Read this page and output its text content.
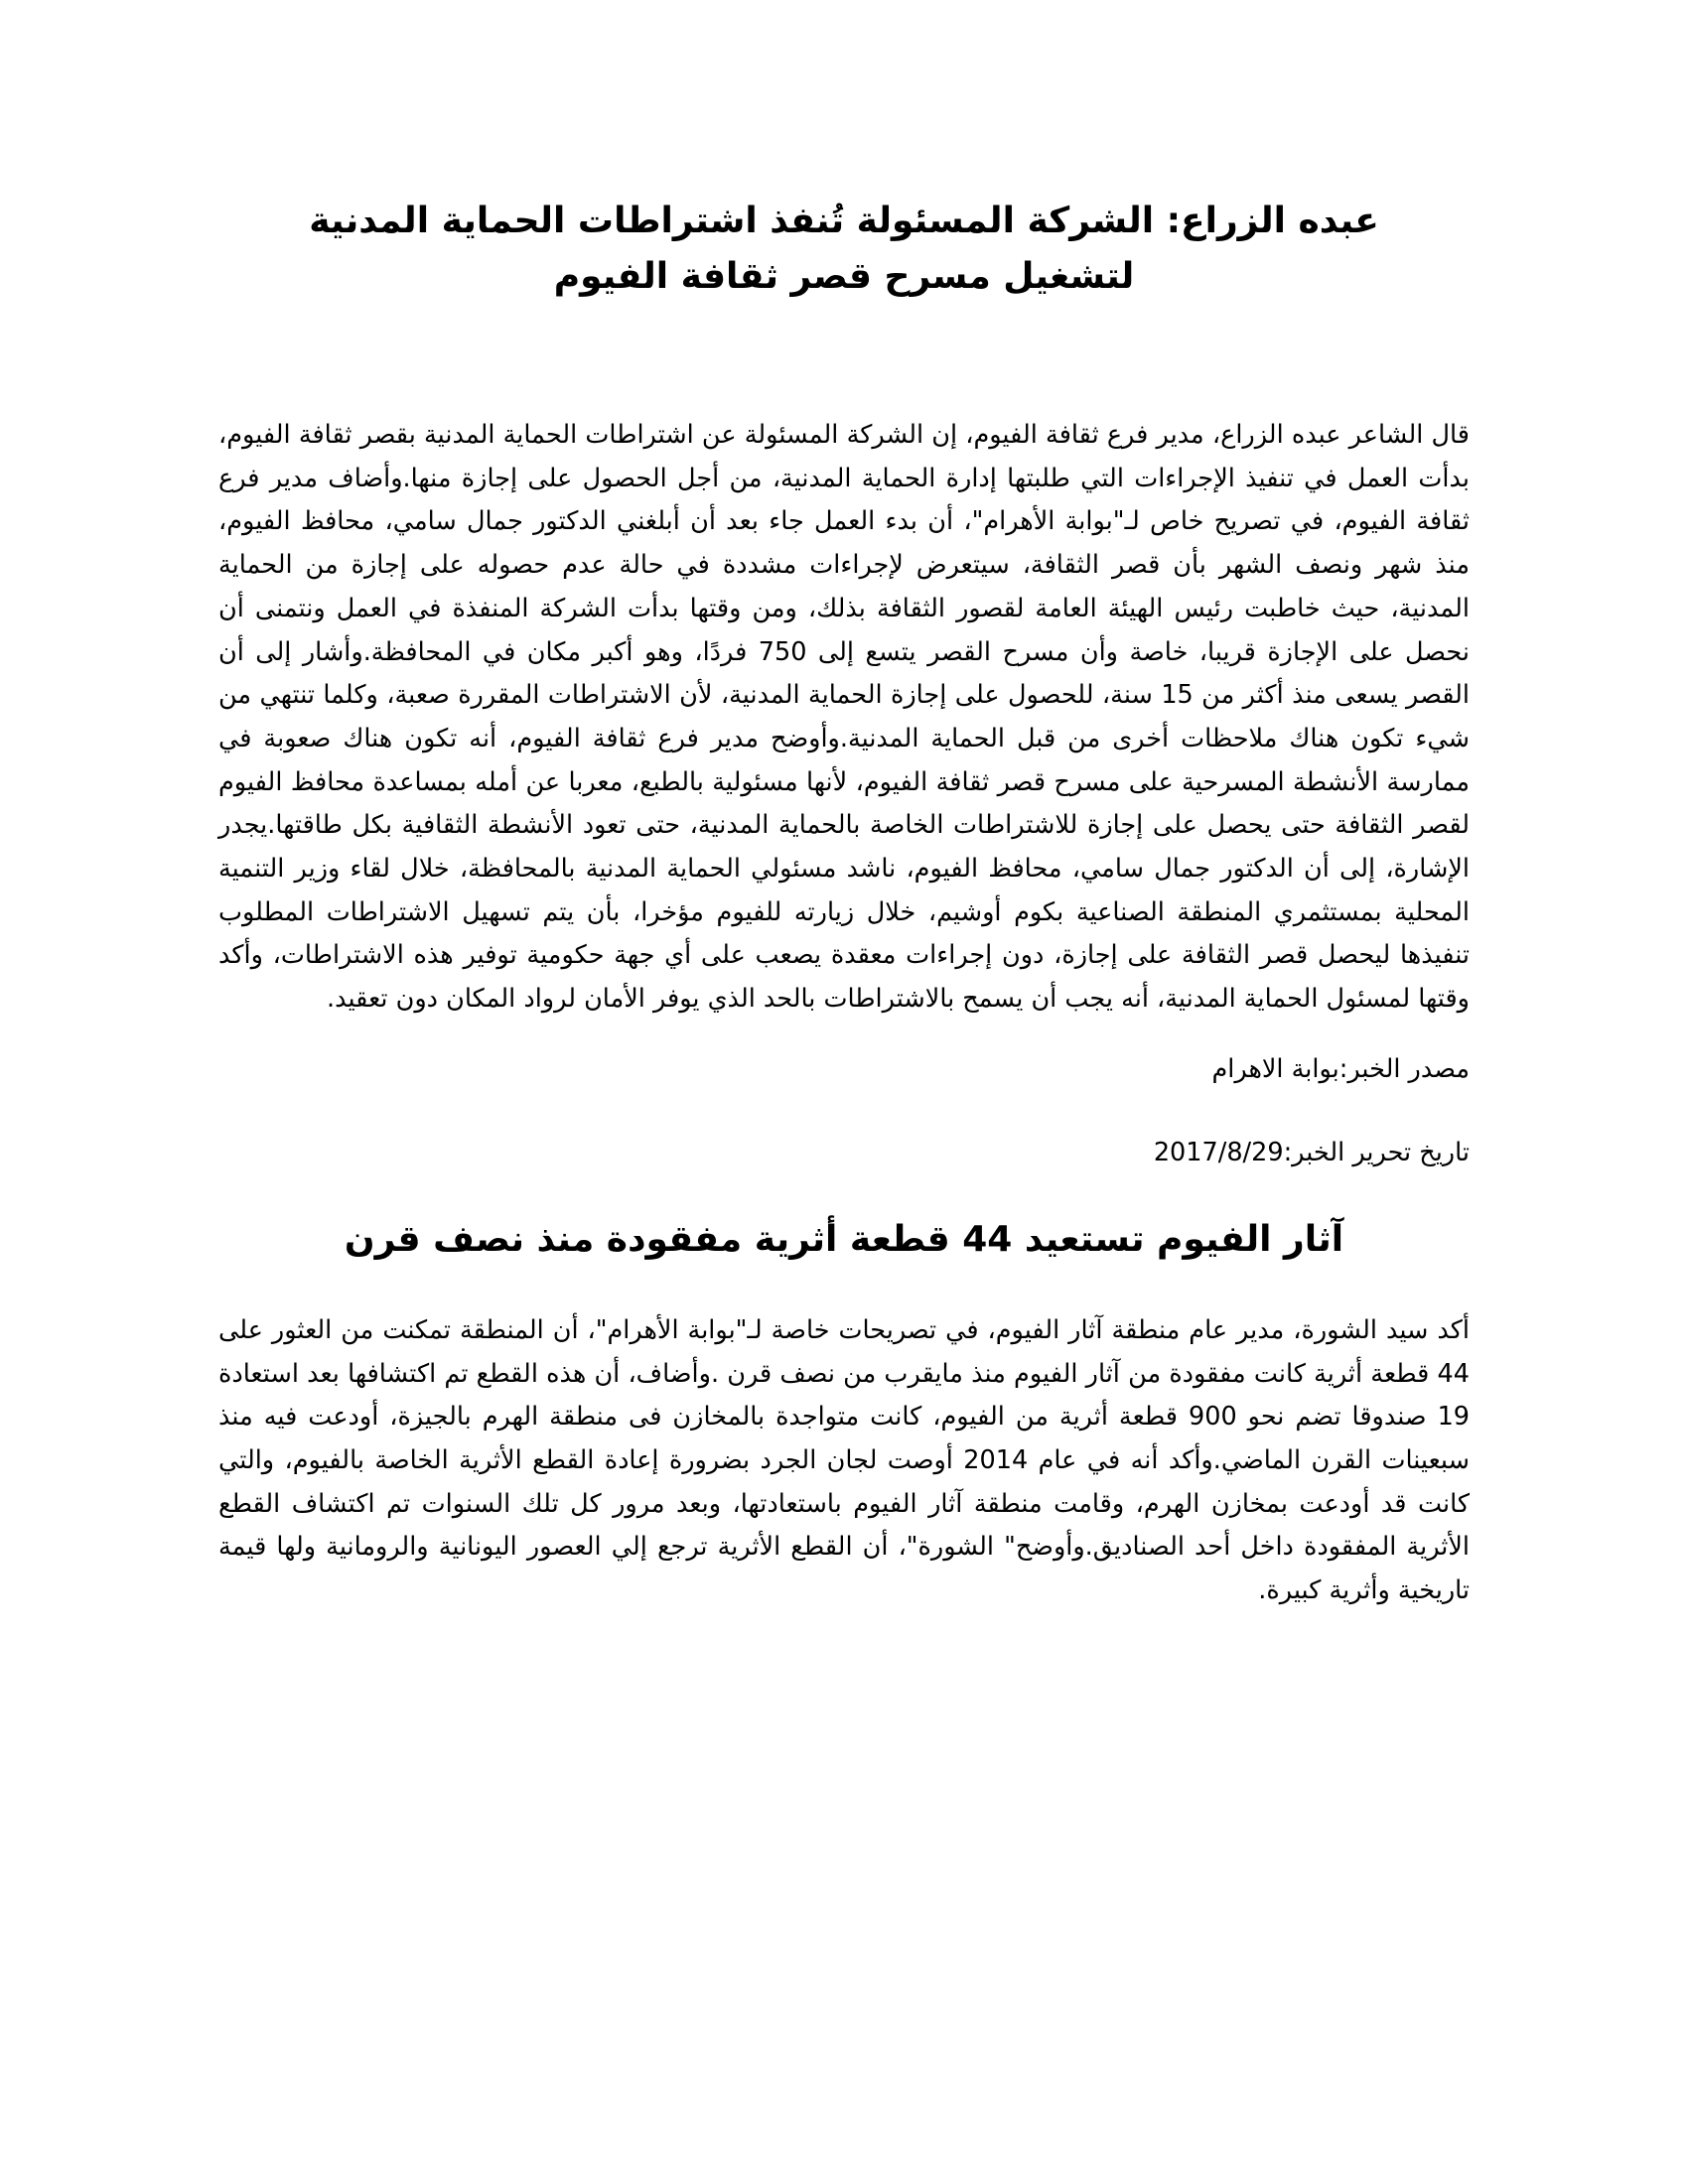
عبده الزراع: الشركة المسئولة تُنفذ اشتراطات الحماية المدنية لتشغيل مسرح قصر ثقافة الفيوم

قال الشاعر عبده الزراع، مدير فرع ثقافة الفيوم، إن الشركة المسئولة عن اشتراطات الحماية المدنية بقصر ثقافة الفيوم، بدأت العمل في تنفيذ الإجراءات التي طلبتها إدارة الحماية المدنية، من أجل الحصول على إجازة منها.وأضاف مدير فرع ثقافة الفيوم، في تصريح خاص لـ"بوابة الأهرام"، أن بدء العمل جاء بعد أن أبلغني الدكتور جمال سامي، محافظ الفيوم، منذ شهر ونصف الشهر بأن قصر الثقافة، سيتعرض لإجراءات مشددة في حالة عدم حصوله على إجازة من الحماية المدنية، حيث خاطبت رئيس الهيئة العامة لقصور الثقافة بذلك، ومن وقتها بدأت الشركة المنفذة في العمل ونتمنى أن نحصل على الإجازة قريبا، خاصة وأن مسرح القصر يتسع إلى 750 فردًا، وهو أكبر مكان في المحافظة.وأشار إلى أن القصر يسعى منذ أكثر من 15 سنة، للحصول على إجازة الحماية المدنية، لأن الاشتراطات المقررة صعبة، وكلما تنتهي من شيء تكون هناك ملاحظات أخرى من قبل الحماية المدنية.وأوضح مدير فرع ثقافة الفيوم، أنه تكون هناك صعوبة في ممارسة الأنشطة المسرحية على مسرح قصر ثقافة الفيوم، لأنها مسئولية بالطبع، معربا عن أمله بمساعدة محافظ الفيوم لقصر الثقافة حتى يحصل على إجازة للاشتراطات الخاصة بالحماية المدنية، حتى تعود الأنشطة الثقافية بكل طاقتها.يجدر الإشارة، إلى أن الدكتور جمال سامي، محافظ الفيوم، ناشد مسئولي الحماية المدنية بالمحافظة، خلال لقاء وزير التنمية المحلية بمستثمري المنطقة الصناعية بكوم أوشيم، خلال زيارته للفيوم مؤخرا، بأن يتم تسهيل الاشتراطات المطلوب تنفيذها ليحصل قصر الثقافة على إجازة، دون إجراءات معقدة يصعب على أي جهة حكومية توفير هذه الاشتراطات، وأكد وقتها لمسئول الحماية المدنية، أنه يجب أن يسمح بالاشتراطات بالحد الذي يوفر الأمان لرواد المكان دون تعقيد.

مصدر الخبر:بوابة الاهرام

تاريخ تحرير الخبر:2017/8/29

آثار الفيوم تستعيد 44 قطعة أثرية مفقودة منذ نصف قرن

أكد سيد الشورة، مدير عام منطقة آثار الفيوم، في تصريحات خاصة لـ"بوابة الأهرام"، أن المنطقة تمكنت من العثور على 44 قطعة أثرية كانت مفقودة من آثار الفيوم منذ مايقرب من نصف قرن .وأضاف، أن هذه القطع تم اكتشافها بعد استعادة 19 صندوقا تضم نحو 900 قطعة أثرية من الفيوم، كانت متواجدة بالمخازن فى منطقة الهرم بالجيزة، أودعت فيه منذ سبعينات القرن الماضي.وأكد أنه في عام 2014 أوصت لجان الجرد بضرورة إعادة القطع الأثرية الخاصة بالفيوم، والتي كانت قد أودعت بمخازن الهرم، وقامت منطقة آثار الفيوم باستعادتها، وبعد مرور كل تلك السنوات تم اكتشاف القطع الأثرية المفقودة داخل أحد الصناديق.وأوضح" الشورة"، أن القطع الأثرية ترجع إلي العصور اليونانية والرومانية ولها قيمة تاريخية وأثرية كبيرة.
